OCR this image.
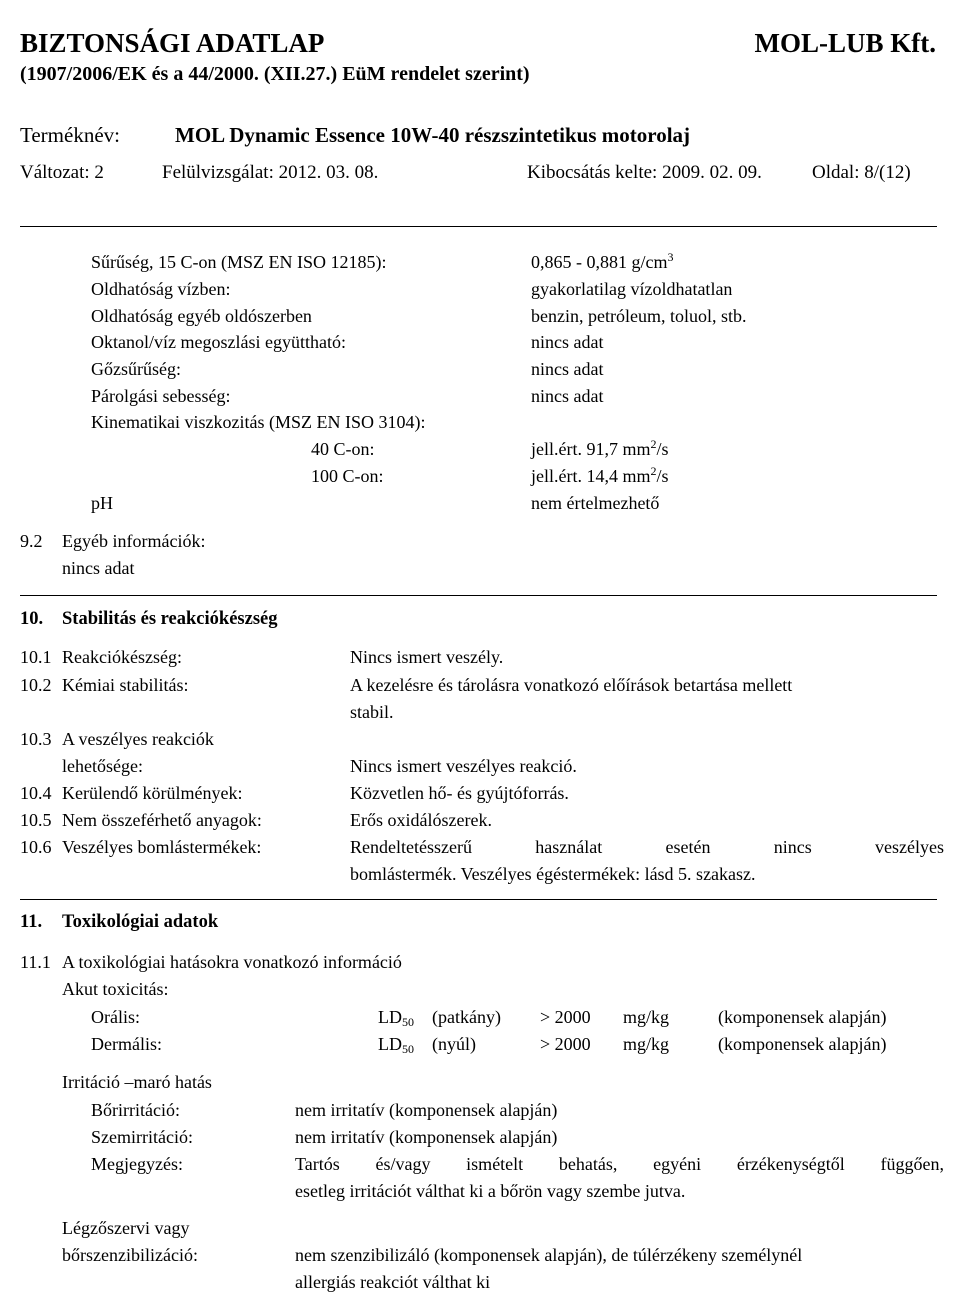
BIZTONSÁGI ADATLAP	MOL-LUB Kft.
(1907/2006/EK és a 44/2000. (XII.27.) EüM rendelet szerint)
Terméknév:	MOL Dynamic Essence 10W-40 részszintetikus motorolaj
Változat: 2	Felülvizsgálat: 2012. 03. 08.	Kibocsátás kelte: 2009. 02. 09.	Oldal: 8/(12)
Sűrűség, 15 C-on (MSZ EN ISO 12185):	0,865 - 0,881 $g/cm^3$
Oldhatóság vízben:	gyakorlatilag vízoldhatatlan
Oldhatóság egyéb oldószerben	benzin, petróleum, toluol, stb.
Oktanol/víz megoszlási együttható:	nincs adat
Gőzsűrűség:	nincs adat
Párolgási sebesség:	nincs adat
Kinematikai viszkozitás (MSZ EN ISO 3104):
40 C-on:	jell.ért. 91,7 $mm^2/s$
100 C-on:	jell.ért. 14,4 $mm^2/s$
pH	nem értelmezhető
9.2 Egyéb információk:
nincs adat
10. Stabilitás és reakciókészség
10.1 Reakciókészség:	Nincs ismert veszély.
10.2 Kémiai stabilitás:	A kezelésre és tárolásra vonatkozó előírások betartása mellett
stabil.
10.3 A veszélyes reakciók
lehetősége:	Nincs ismert veszélyes reakció.
10.4 Kerülendő körülmények:	Közvetlen hő- és gyújtóforrás.
10.5 Nem összeférhető anyagok:	Erős oxidálószerek.
10.6 Veszélyes bomlástermékek:	Rendeltetésszerű használat esetén nincs veszélyes
bomlástermék. Veszélyes égéstermékek: lásd 5. szakasz.
11. Toxikológiai adatok
11.1 A toxikológiai hatásokra vonatkozó információ
Akut toxicitás:
Orális:	$LD_{50}$ (patkány) > 2000 mg/kg	(komponensek alapján)
Dermális:	$LD_{50}$ (nyúl)	> 2000 mg/kg	(komponensek alapján)
Irritáció –maró hatás
Bőrirritáció:	nem irritatív (komponensek alapján)
Szemirritáció:	nem irritatív (komponensek alapján)
Megjegyzés:	Tartós és/vagy ismételt behatás, egyéni érzékenységtől függően,
esetleg irritációt válthat ki a bőrön vagy szembe jutva.
Légzőszervi vagy
bőrszenzibilizáció:	nem szenzibilizáló (komponensek alapján), de túlérzékeny személynél
allergiás reakciót válthat ki
